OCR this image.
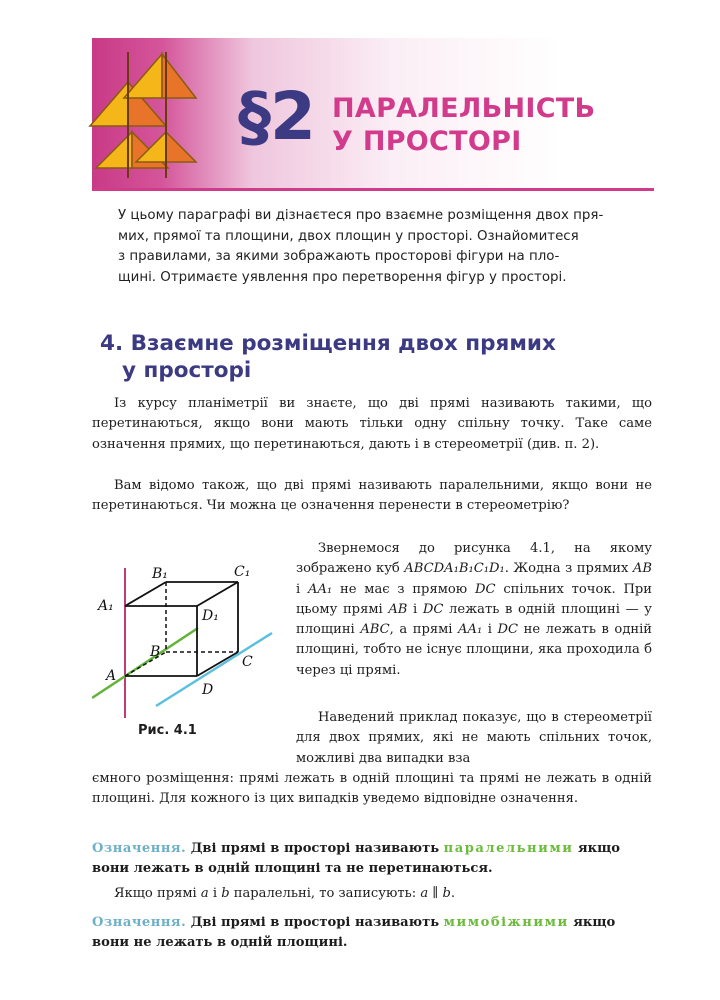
§2 ПАРАЛЕЛЬНІСТЬ
У ПРОСТОРІ

У цьому параграфі ви дізнаєтеся про взаємне розміщення двох пря-

мих, прямої та площини, двох площин у просторі. Ознайомитеся

з правилами, за якими зображають просторові фігури на пло-

щині. Отримаєте уявлення про перетворення фігур у просторі.

4. Взаємне розміщення двох прямих
у просторі

Із курсу планіметрії ви знаєте, що дві прямі називають такими, що перетинаються, якщо вони мають тільки одну спільну точку. Таке саме означення прямих, що перетинаються, дають і в стереометрії (див. п. 2).

Вам відомо також, що дві прямі називають паралельними, якщо вони не перетинаються. Чи можна це означення перенести в стереометрію?

Звернемося до рисунка 4.1, на якому зображено куб ABCDA₁B₁C₁D₁. Жодна з прямих AB і AA₁ не має з прямою DC спільних точок. При цьому прямі AB і DC лежать в одній площині — у площині ABC, а прямі AA₁ і DC не лежать в одній площині, тобто не існує площини, яка проходила б через ці прямі.

Наведений приклад показує, що в стереометрії для двох прямих, які не мають спільних точок, можливі два випадки вза

ємного розміщення: прямі лежать в одній площині та прямі не лежать в одній площині. Для кожного із цих випадків уведемо відповідне означення.

Означення. Дві прямі в просторі називають паралельними якщо вони лежать в одній площині та не перетинаються.

Якщо прямі a і b паралельні, то записують: a ∥ b.

Означення. Дві прямі в просторі називають мимобіжними якщо вони не лежать в одній площині.
A
A₁
B
B₁
C
C₁
D
D₁
Рис. 4.1
